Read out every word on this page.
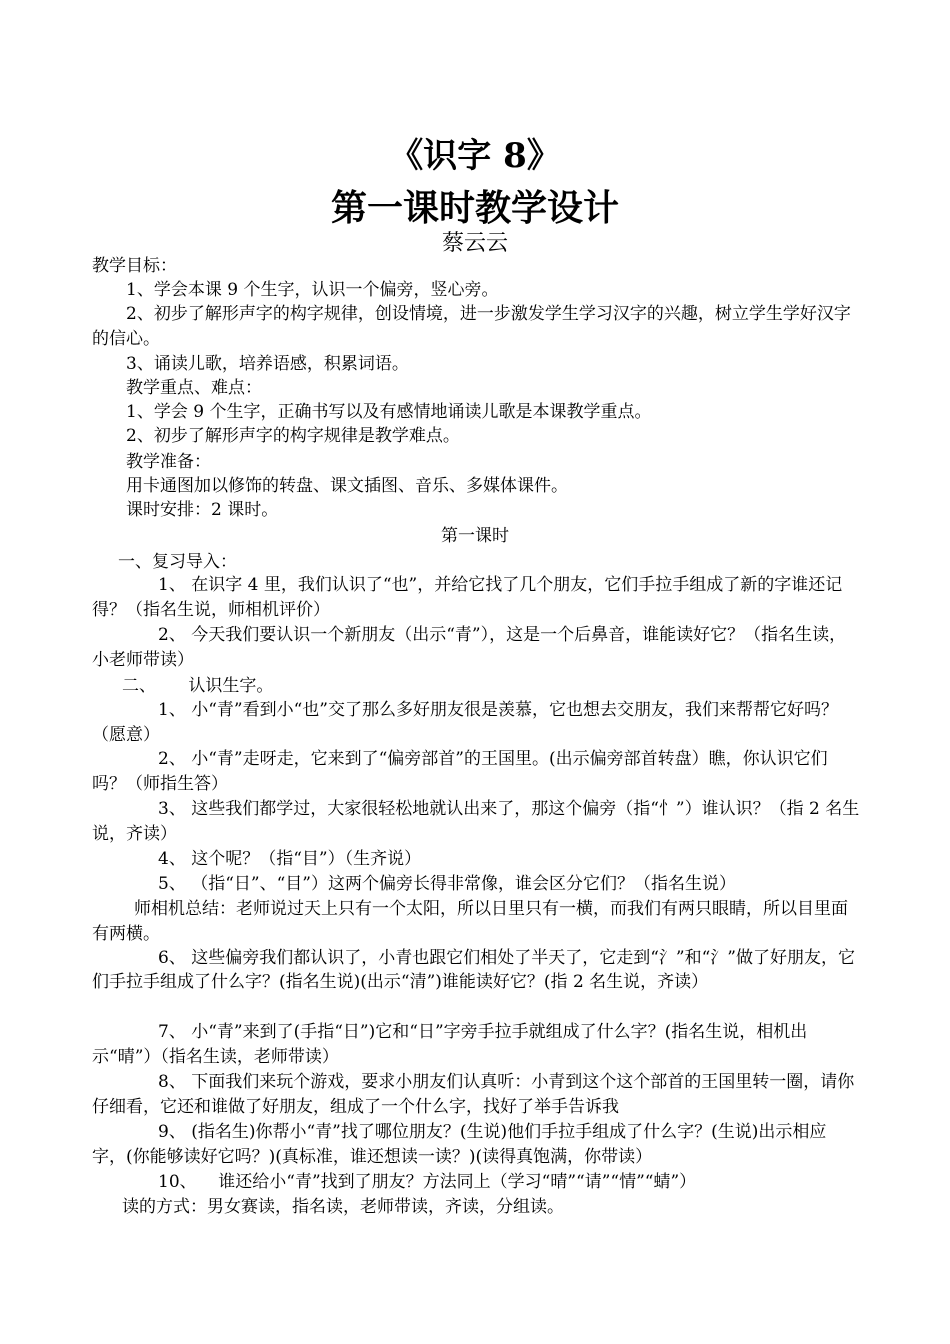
《识字 8》
第一课时教学设计
蔡云云
教学目标：
1、学会本课 9 个生字，认识一个偏旁，竖心旁。

2、初步了解形声字的构字规律，创设情境，进一步激发学生学习汉字的兴趣，树立学生学好汉字的信心。

3、诵读儿歌，培养语感，积累词语。
教学重点、难点：
1、学会 9 个生字，正确书写以及有感情地诵读儿歌是本课教学重点。
2、初步了解形声字的构字规律是教学难点。
教学准备：
用卡通图加以修饰的转盘、课文插图、音乐、多媒体课件。
课时安排：2 课时。
第一课时
一、复习导入：

1、 在识字 4 里，我们认识了“也”，并给它找了几个朋友，它们手拉手组成了新的字谁还记得？（指名生说，师相机评价）

2、 今天我们要认识一个新朋友（出示“青”），这是一个后鼻音，谁能读好它？（指名生读，小老师带读）

二、      认识生字。

1、 小“青”看到小“也”交了那么多好朋友很是羡慕，它也想去交朋友，我们来帮帮它好吗？（愿意）

2、 小“青”走呀走，它来到了“偏旁部首”的王国里。(出示偏旁部首转盘）瞧，你认识它们吗？（师指生答）

3、 这些我们都学过，大家很轻松地就认出来了，那这个偏旁（指“忄”）谁认识？（指 2 名生说，齐读）

4、 这个呢？（指“目”）（生齐说）
5、 （指“日”、“目”）这两个偏旁长得非常像，谁会区分它们？（指名生说）

师相机总结：老师说过天上只有一个太阳，所以日里只有一横，而我们有两只眼睛，所以目里面有两横。

6、 这些偏旁我们都认识了，小青也跟它们相处了半天了，它走到“氵”和“氵”做了好朋友，它们手拉手组成了什么字？(指名生说)(出示“清”)谁能读好它？(指 2 名生说，齐读）

7、 小“青”来到了(手指“日”)它和“日”字旁手拉手就组成了什么字？(指名生说，相机出示“晴”）（指名生读，老师带读）

8、 下面我们来玩个游戏，要求小朋友们认真听：小青到这个这个部首的王国里转一圈，请你仔细看，它还和谁做了好朋友，组成了一个什么字，找好了举手告诉我

9、 (指名生)你帮小“青”找了哪位朋友？(生说)他们手拉手组成了什么字？(生说)出示相应字，(你能够读好它吗？)(真标准，谁还想读一读？)(读得真饱满，你带读）

10、    谁还给小“青”找到了朋友？方法同上（学习“晴”“请”“情”“蜻”）
读的方式：男女赛读，指名读，老师带读，齐读，分组读。
